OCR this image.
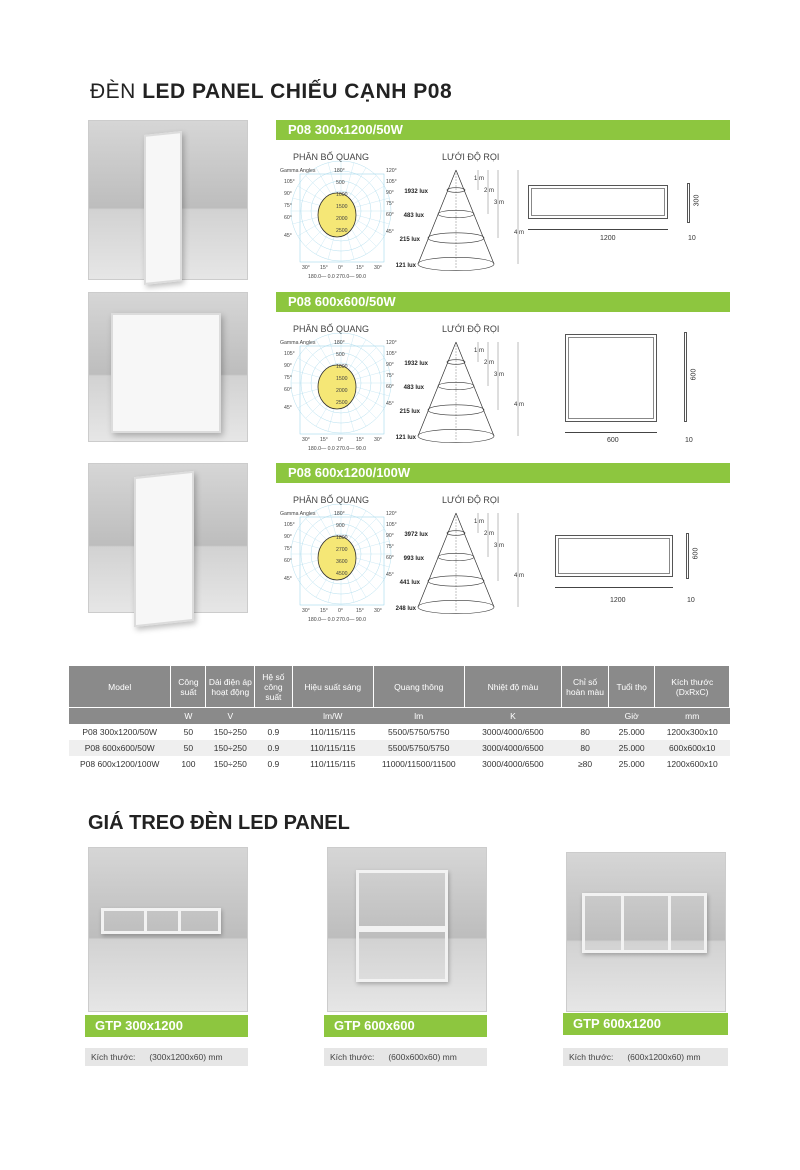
ĐÈN LED PANEL CHIẾU CẠNH P08
P08 300x1200/50W
PHÂN BỐ QUANG	LƯỚI ĐỘ RỌI
Gamma Angles	180°
105°
90°
75°
60°
45°
120°
105°
90°
75°
60°
45°
500
1000
1500
2000
2500
30° 15° 0°	15° 30°
180.0— 0.0 270.0— 90.0
1932 lux
483 lux
215 lux
121 lux
1 m
2 m
3 m
4 m
1200
300
10
P08 600x600/50W
PHÂN BỐ QUANG	LƯỚI ĐỘ RỌI
Gamma Angles	180°
105°
90°
75°
60°
45°
120°
105°
90°
75°
60°
45°
500
1000
1500
2000
2500
30° 15° 0°	15° 30°
180.0— 0.0 270.0— 90.0
1932 lux
483 lux
215 lux
121 lux
1 m
2 m
3 m
4 m
600
600
10
P08 600x1200/100W
PHÂN BỐ QUANG	LƯỚI ĐỘ RỌI
Gamma Angles	180°
105°
90°
75°
60°
45°
120°
105°
90°
75°
60°
45°
900
1800
2700
3600
4500
30° 15° 0°	15° 30°
180.0— 0.0 270.0— 90.0
3972 lux
993 lux
441 lux
248 lux
1 m
2 m
3 m
4 m
1200
600
10
Model	Công suất	Dải điện áp hoạt động	Hệ số công suất	Hiệu suất sáng	Quang thông	Nhiệt độ màu	Chỉ số hoàn màu	Tuổi thọ	Kích thước (DxRxC)
	W	V		lm/W	lm	K		Giờ	mm
P08 300x1200/50W	50	150÷250	0.9	110/115/115	5500/5750/5750	3000/4000/6500	80	25.000	1200x300x10
P08 600x600/50W	50	150÷250	0.9	110/115/115	5500/5750/5750	3000/4000/6500	80	25.000	600x600x10
P08 600x1200/100W	100	150÷250	0.9	110/115/115	11000/11500/11500	3000/4000/6500	≥80	25.000	1200x600x10
GIÁ TREO ĐÈN LED PANEL
GTP 300x1200
Kích thước: (300x1200x60) mm
GTP 600x600
Kích thước: (600x600x60) mm
GTP 600x1200
Kích thước: (600x1200x60) mm
